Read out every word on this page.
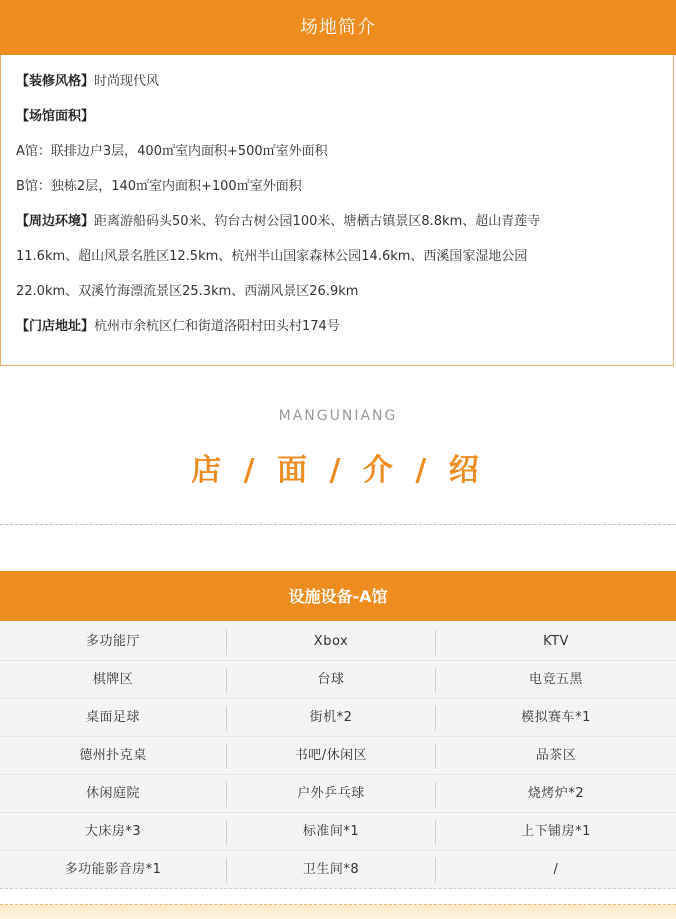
场地简介
【装修风格】时尚现代风
【场馆面积】
A馆：联排边户3层，400㎡室内面积+500㎡室外面积
B馆：独栋2层，140㎡室内面积+100㎡室外面积
【周边环境】距离游船码头50米、钓台古树公园100米、塘栖古镇景区8.8km、超山青莲寺
11.6km、超山风景名胜区12.5km、杭州半山国家森林公园14.6km、西溪国家湿地公园
22.0km、双溪竹海漂流景区25.3km、西湖风景区26.9km
【门店地址】杭州市余杭区仁和街道洛阳村田头村174号
MANGUNIANG
店 / 面 / 介 / 绍
设施设备-A馆
多功能厅	Xbox	KTV
棋牌区	台球	电竞五黑
桌面足球	街机*2	模拟赛车*1
德州扑克桌	书吧/休闲区	品茶区
休闲庭院	户外乒乓球	烧烤炉*2
大床房*3	标准间*1	上下铺房*1
多功能影音房*1	卫生间*8	/
